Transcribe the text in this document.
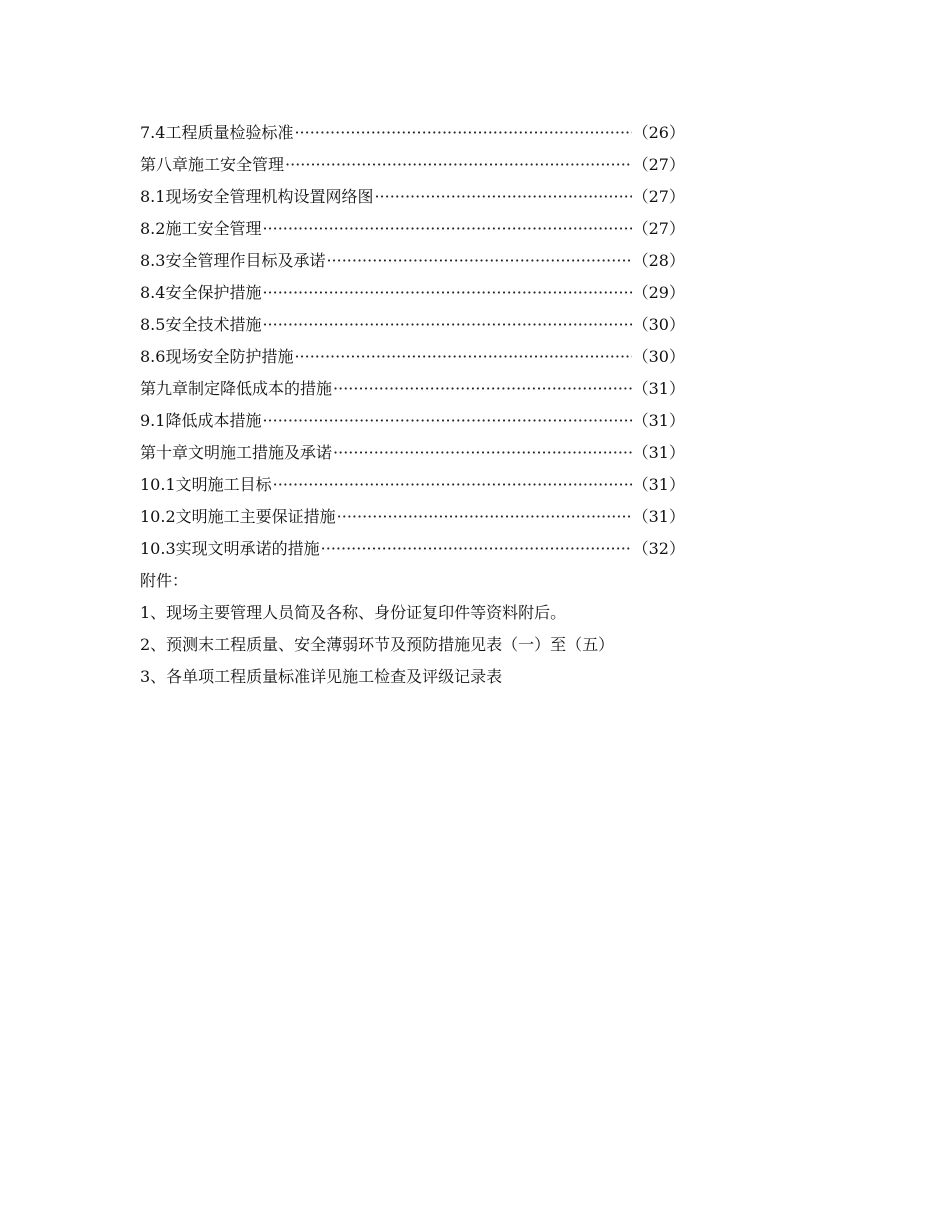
7.4工程质量检验标准 ·····	（26）
第八章施工安全管理 ·····	（27）
8.1现场安全管理机构设置网络图 ·····	（27）
8.2施工安全管理 ·····	（27）
8.3安全管理作目标及承诺 ·····	（28）
8.4安全保护措施 ·····	（29）
8.5安全技术措施 ·····	（30）
8.6现场安全防护措施 ·····	（30）
第九章制定降低成本的措施 ·····	（31）
9.1降低成本措施 ·····	（31）
第十章文明施工措施及承诺 ·····	（31）
10.1文明施工目标 ·····	（31）
10.2文明施工主要保证措施 ·····	（31）
10.3实现文明承诺的措施 ·····	（32）
附件：
1、现场主要管理人员简及各称、身份证复印件等资料附后。
2、预测末工程质量、安全薄弱环节及预防措施见表（一）至（五）
3、各单项工程质量标准详见施工检查及评级记录表
